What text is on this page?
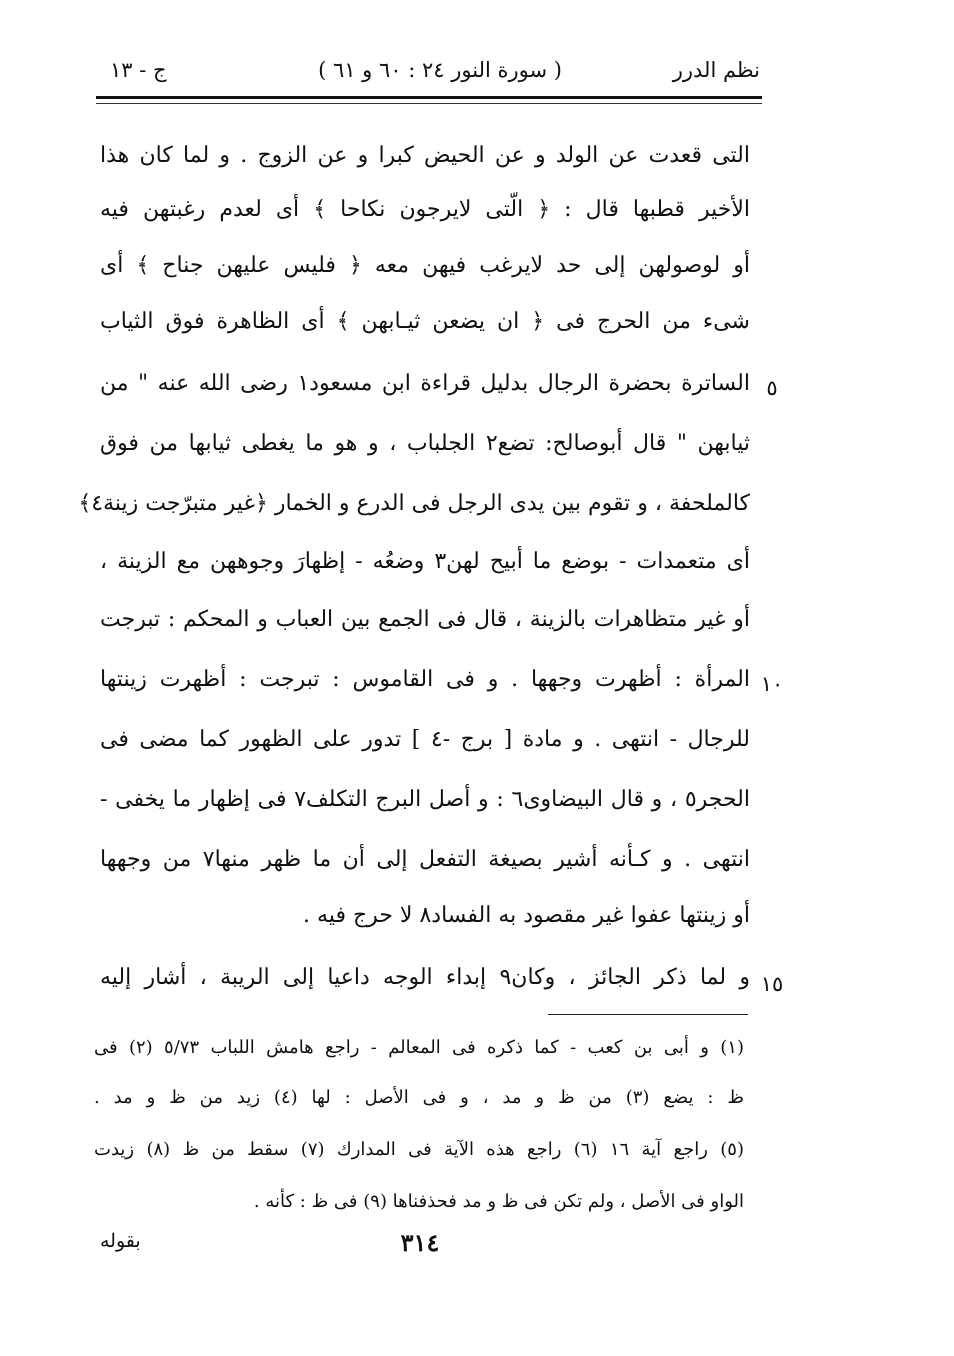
نظم الدرر
( سورة النور ٢٤ : ٦٠ و ٦١ )
ج - ١٣
التى قعدت عن الولد و عن الحيض كبرا و عن الزوج . و لما كان هذا
الأخير قطبها قال : ﴿ الّتى لايرجون نكاحا ﴾ أى لعدم رغبتهن فيه
أو لوصولهن إلى حد لايرغب فيهن معه ﴿ فليس عليهن جناح ﴾ أى
شىء من الحرج فى ﴿ ان يضعن ثيـابهن ﴾ أى الظاهرة فوق الثياب
الساترة بحضرة الرجال بدليل قراءة ابن مسعود١ رضى الله عنه " من ٥
ثيابهن " قال أبوصالح: تضع٢ الجلباب ، و هو ما يغطى ثيابها من فوق
كالملحفة ، و تقوم بين يدى الرجل فى الدرع و الخمار ﴿غير متبرّجت زينة٤﴾
أى متعمدات - بوضع ما أبيح لهن٣ وضعُه - إظهارَ وجوههن مع الزينة ،
أو غير متظاهرات بالزينة ، قال فى الجمع بين العباب و المحكم : تبرجت
المرأة : أظهرت وجهها . و فى القاموس : تبرجت : أظهرت زينتها ١٠
للرجال - انتهى . و مادة [ برج -٤ ] تدور على الظهور كما مضى فى
الحجر٥ ، و قال البيضاوى٦ : و أصل البرج التكلف٧ فى إظهار ما يخفى -
انتهى . و كـأنه أشير بصيغة التفعل إلى أن ما ظهر منها٧ من وجهها
أو زينتها عفوا غير مقصود به الفساد٨ لا حرج فيه .
و لما ذكر الجائز ، وكان٩ إبداء الوجه داعيا إلى الريبة ، أشار إليه ١٥
(١) و أبى بن كعب - كما ذكره فى المعالم - راجع هامش اللباب ٥/٧٣ (٢) فى
ظ : يضع (٣) من ظ و مد ، و فى الأصل : لها (٤) زيد من ظ و مد .
(٥) راجع آية ١٦ (٦) راجع هذه الآية فى المدارك (٧) سقط من ظ (٨) زيدت
الواو فى الأصل ، ولم تكن فى ظ و مد فحذفناها (٩) فى ظ : كأنه .
٣١٤
بقوله
